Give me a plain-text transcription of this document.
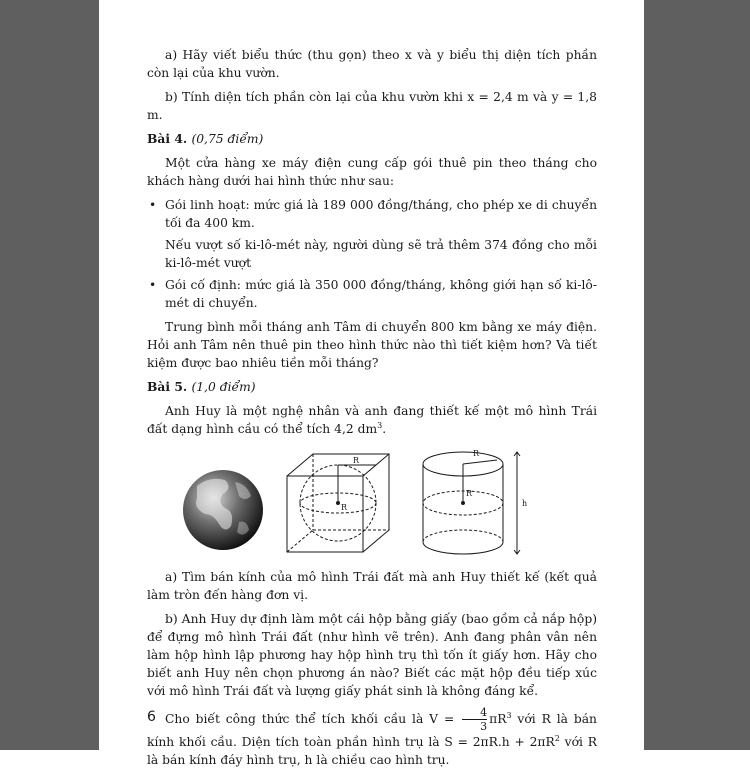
a) Hãy viết biểu thức (thu gọn) theo x và y biểu thị diện tích phần còn lại của khu vườn.

b) Tính diện tích phần còn lại của khu vườn khi x = 2,4 m và y = 1,8 m.

Bài 4. (0,75 điểm)

Một cửa hàng xe máy điện cung cấp gói thuê pin theo tháng cho khách hàng dưới hai hình thức như sau:

• Gói linh hoạt: mức giá là 189 000 đồng/tháng, cho phép xe di chuyển tối đa 400 km.

Nếu vượt số ki-lô-mét này, người dùng sẽ trả thêm 374 đồng cho mỗi ki-lô-mét vượt

• Gói cố định: mức giá là 350 000 đồng/tháng, không giới hạn số ki-lô-mét di chuyển.

Trung bình mỗi tháng anh Tâm di chuyển 800 km bằng xe máy điện. Hỏi anh Tâm nên thuê pin theo hình thức nào thì tiết kiệm hơn? Và tiết kiệm được bao nhiêu tiền mỗi tháng?

Bài 5. (1,0 điểm)

Anh Huy là một nghệ nhân và anh đang thiết kế một mô hình Trái đất dạng hình cầu có thể tích 4,2 $dm^3$.

R
R
R
R
h

a) Tìm bán kính của mô hình Trái đất mà anh Huy thiết kế (kết quả làm tròn đến hàng đơn vị.

b) Anh Huy dự định làm một cái hộp bằng giấy (bao gồm cả nắp hộp) để đựng mô hình Trái đất (như hình vẽ trên). Anh đang phân vân nên làm hộp hình lập phương hay hộp hình trụ thì tốn ít giấy hơn. Hãy cho biết anh Huy nên chọn phương án nào? Biết các mặt hộp đều tiếp xúc với mô hình Trái đất và lượng giấy phát sinh là không đáng kể.

Cho biết công thức thể tích khối cầu là $V = \frac{4}{3} \pi R^3$ với R là bán kính khối cầu. Diện tích toàn phần hình trụ là $S = 2\pi R.h + 2\pi R^2$ với R là bán kính đáy hình trụ, h là chiều cao hình trụ.

6
